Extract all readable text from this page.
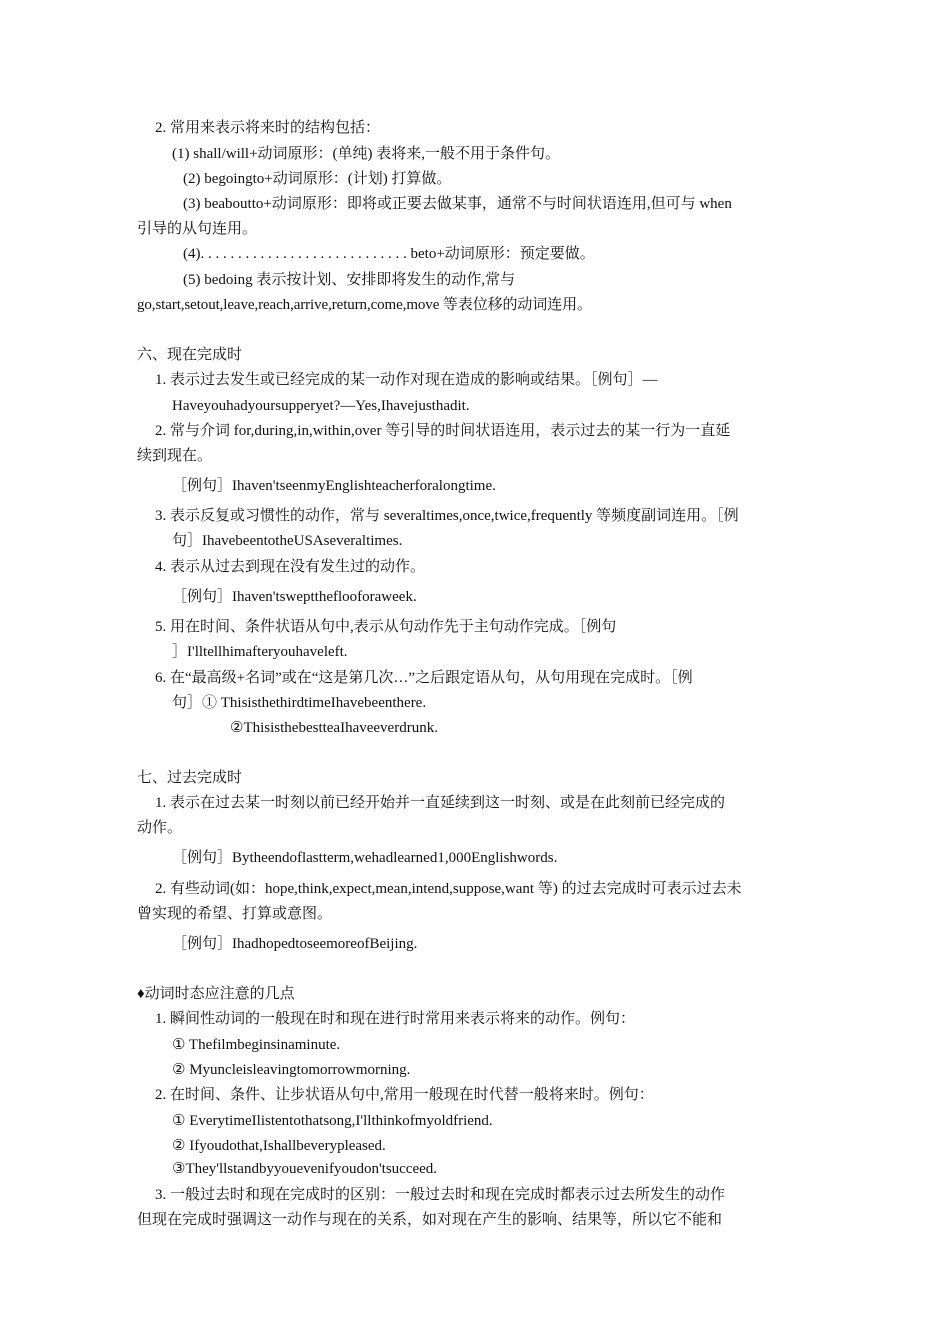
2. 常用来表示将来时的结构包括：
(1) shall/will+动词原形：(单纯) 表将来,一般不用于条件句。
(2) begoingto+动词原形：(计划) 打算做。
(3) beaboutto+动词原形：即将或正要去做某事，通常不与时间状语连用,但可与 when
引导的从句连用。
(4). . . . . . . . . . . . . . . . . . . . . . . . . . . . beto+动词原形：预定要做。
(5) bedoing 表示按计划、安排即将发生的动作,常与
go,start,setout,leave,reach,arrive,return,come,move 等表位移的动词连用。
六、现在完成时
1. 表示过去发生或已经完成的某一动作对现在造成的影响或结果。［例句］—
Haveyouhadyoursupperyet?—Yes,Ihavejusthadit.
2. 常与介词 for,during,in,within,over 等引导的时间状语连用，表示过去的某一行为一直延
续到现在。
［例句］Ihaven'tseenmyEnglishteacherforalongtime.
3. 表示反复或习惯性的动作，常与 severaltimes,once,twice,frequently 等频度副词连用。［例
句］IhavebeentotheUSAseveraltimes.
4. 表示从过去到现在没有发生过的动作。
［例句］Ihaven'tswepttheflooforaweek.
5. 用在时间、条件状语从句中,表示从句动作先于主句动作完成。［例句
］I'lltellhimafteryouhaveleft.
6. 在“最高级+名词”或在“这是第几次…”之后跟定语从句，从句用现在完成时。［例
句］① ThisisthethirdtimeIhavebeenthere.
②ThisisthebestteaIhaveeverdrunk.
七、过去完成时
1. 表示在过去某一时刻以前已经开始并一直延续到这一时刻、或是在此刻前已经完成的
动作。
［例句］Bytheendoflastterm,wehadlearned1,000Englishwords.
2. 有些动词(如：hope,think,expect,mean,intend,suppose,want 等) 的过去完成时可表示过去未
曾实现的希望、打算或意图。
［例句］IhadhopedtoseemoreofBeijing.
♦动词时态应注意的几点
1. 瞬间性动词的一般现在时和现在进行时常用来表示将来的动作。例句：
① Thefilmbeginsinaminute.
② Myuncleisleavingtomorrowmorning.
2. 在时间、条件、让步状语从句中,常用一般现在时代替一般将来时。例句：
① EverytimeIlistentothatsong,I'llthinkofmyoldfriend.
② Ifyoudothat,Ishallbeverypleased.
③They'llstandbyyouevenifyoudon'tsucceed.
3. 一般过去时和现在完成时的区别：一般过去时和现在完成时都表示过去所发生的动作
但现在完成时强调这一动作与现在的关系，如对现在产生的影响、结果等，所以它不能和
